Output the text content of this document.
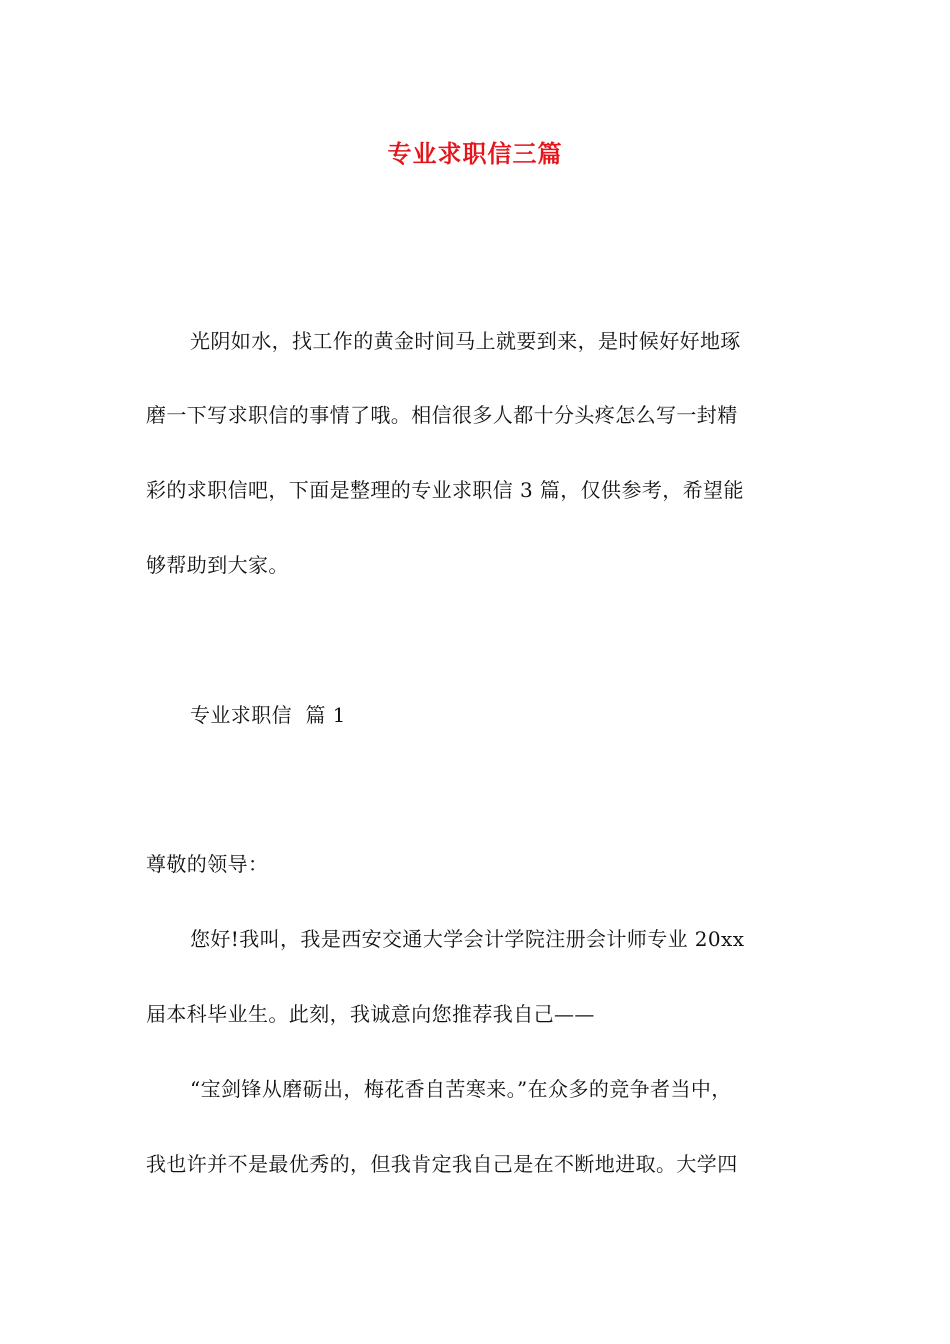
专业求职信三篇
光阴如水，找工作的黄金时间马上就要到来，是时候好好地琢
磨一下写求职信的事情了哦。相信很多人都十分头疼怎么写一封精
彩的求职信吧，下面是整理的专业求职信 3 篇，仅供参考，希望能
够帮助到大家。
专业求职信  篇 1
尊敬的领导：
您好!我叫，我是西安交通大学会计学院注册会计师专业 20xx
届本科毕业生。此刻，我诚意向您推荐我自己——
“宝剑锋从磨砺出，梅花香自苦寒来。”在众多的竞争者当中，
我也许并不是最优秀的，但我肯定我自己是在不断地进取。大学四
